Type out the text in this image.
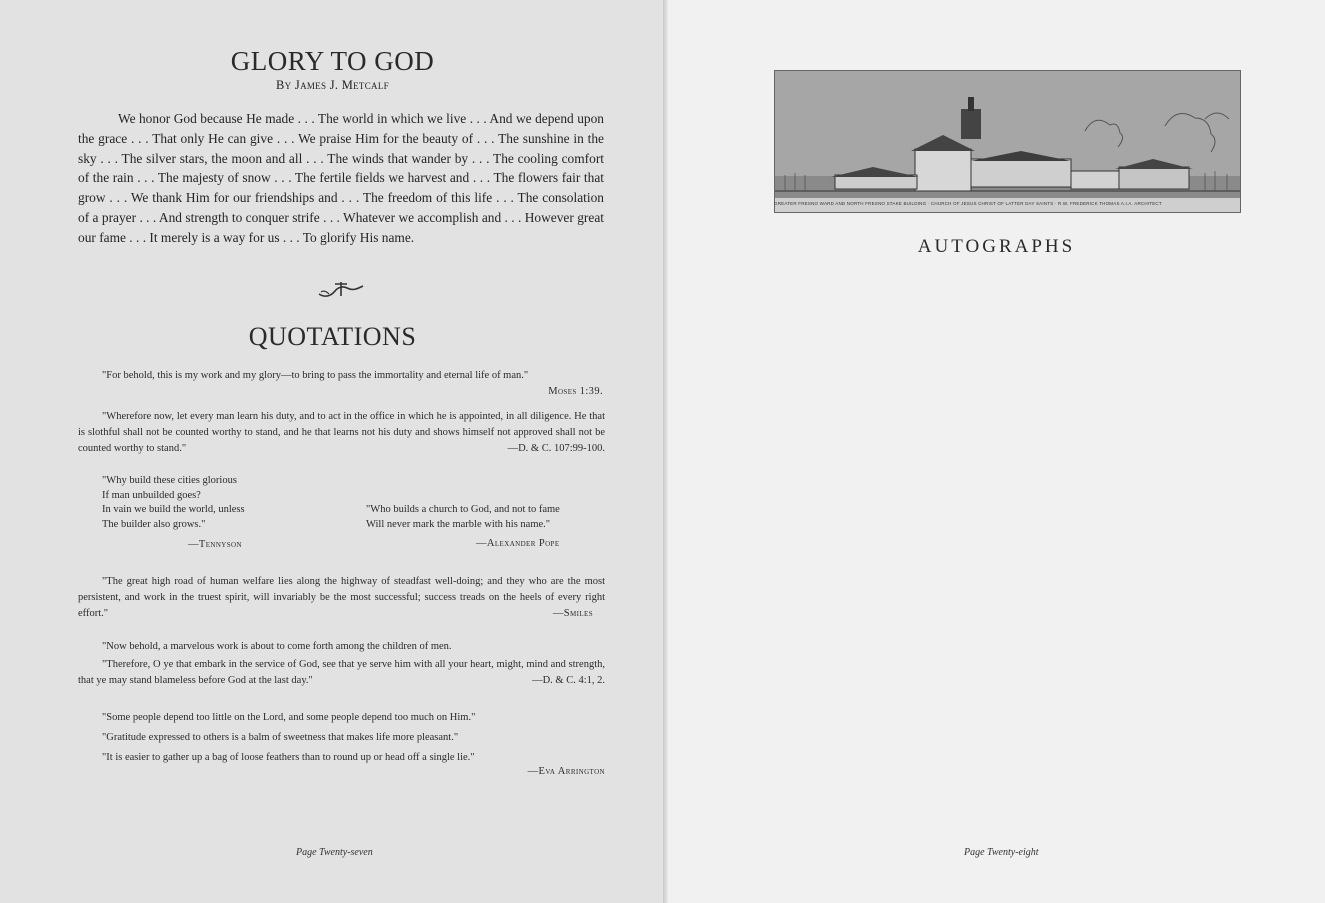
GLORY TO GOD
By James J. Metcalf
We honor God because He made . . . The world in which we live . . . And we depend upon the grace . . . That only He can give . . . We praise Him for the beauty of . . . The sunshine in the sky . . . The silver stars, the moon and all . . . The winds that wander by . . . The cooling comfort of the rain . . . The majesty of snow . . . The fertile fields we harvest and . . . The flowers fair that grow . . . We thank Him for our friendships and . . . The freedom of this life . . . The consolation of a prayer . . . And strength to conquer strife . . . Whatever we accomplish and . . . However great our fame . . . It merely is a way for us . . . To glorify His name.
QUOTATIONS
"For behold, this is my work and my glory—to bring to pass the immortality and eternal life of man."
Moses 1:39.
"Wherefore now, let every man learn his duty, and to act in the office in which he is appointed, in all diligence. He that is slothful shall not be counted worthy to stand, and he that learns not his duty and shows himself not approved shall not be counted worthy to stand."	—D. & C. 107:99-100.
"Why build these cities glorious
If man unbuilded goes?
In vain we build the world, unless
The builder also grows."
—Tennyson
"Who builds a church to God, and not to fame
Will never mark the marble with his name."
—Alexander Pope
"The great high road of human welfare lies along the highway of steadfast well-doing; and they who are the most persistent, and work in the truest spirit, will invariably be the most successful; success treads on the heels of every right effort."	—Smiles
"Now behold, a marvelous work is about to come forth among the children of men.
"Therefore, O ye that embark in the service of God, see that ye serve him with all your heart, might, mind and strength, that ye may stand blameless before God at the last day."	—D. & C. 4:1, 2.
"Some people depend too little on the Lord, and some people depend too much on Him."
"Gratitude expressed to others is a balm of sweetness that makes life more pleasant."
"It is easier to gather up a bag of loose feathers than to round up or head off a single lie."
—Eva Arrington
Page Twenty-seven
GREATER FRESNO WARD AND NORTH FRESNO STAKE BUILDING · CHURCH OF JESUS CHRIST OF LATTER DAY SAINTS · R.W. FREDERICK THOMAS A.I.A. ARCHITECT
AUTOGRAPHS
Page Twenty-eight
